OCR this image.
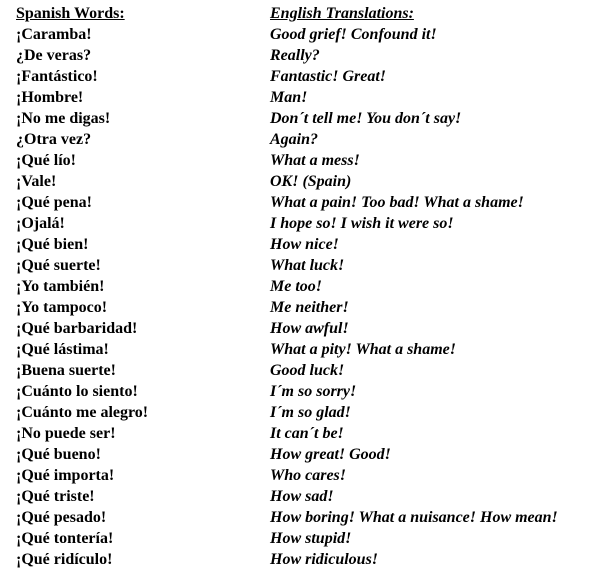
Spanish Words:	English Translations:
¡Caramba!	Good grief! Confound it!
¿De veras?	Really?
¡Fantástico!	Fantastic! Great!
¡Hombre!	Man!
¡No me digas!	Don´t tell me! You don´t say!
¿Otra vez?	Again?
¡Qué lío!	What a mess!
¡Vale!	OK! (Spain)
¡Qué pena!	What a pain! Too bad! What a shame!
¡Ojalá!	I hope so! I wish it were so!
¡Qué bien!	How nice!
¡Qué suerte!	What luck!
¡Yo también!	Me too!
¡Yo tampoco!	Me neither!
¡Qué barbaridad!	How awful!
¡Qué lástima!	What a pity! What a shame!
¡Buena suerte!	Good luck!
¡Cuánto lo siento!	I´m so sorry!
¡Cuánto me alegro!	I´m so glad!
¡No puede ser!	It can´t be!
¡Qué bueno!	How great! Good!
¡Qué importa!	Who cares!
¡Qué triste!	How sad!
¡Qué pesado!	How boring! What a nuisance! How mean!
¡Qué tontería!	How stupid!
¡Qué ridículo!	How ridiculous!
